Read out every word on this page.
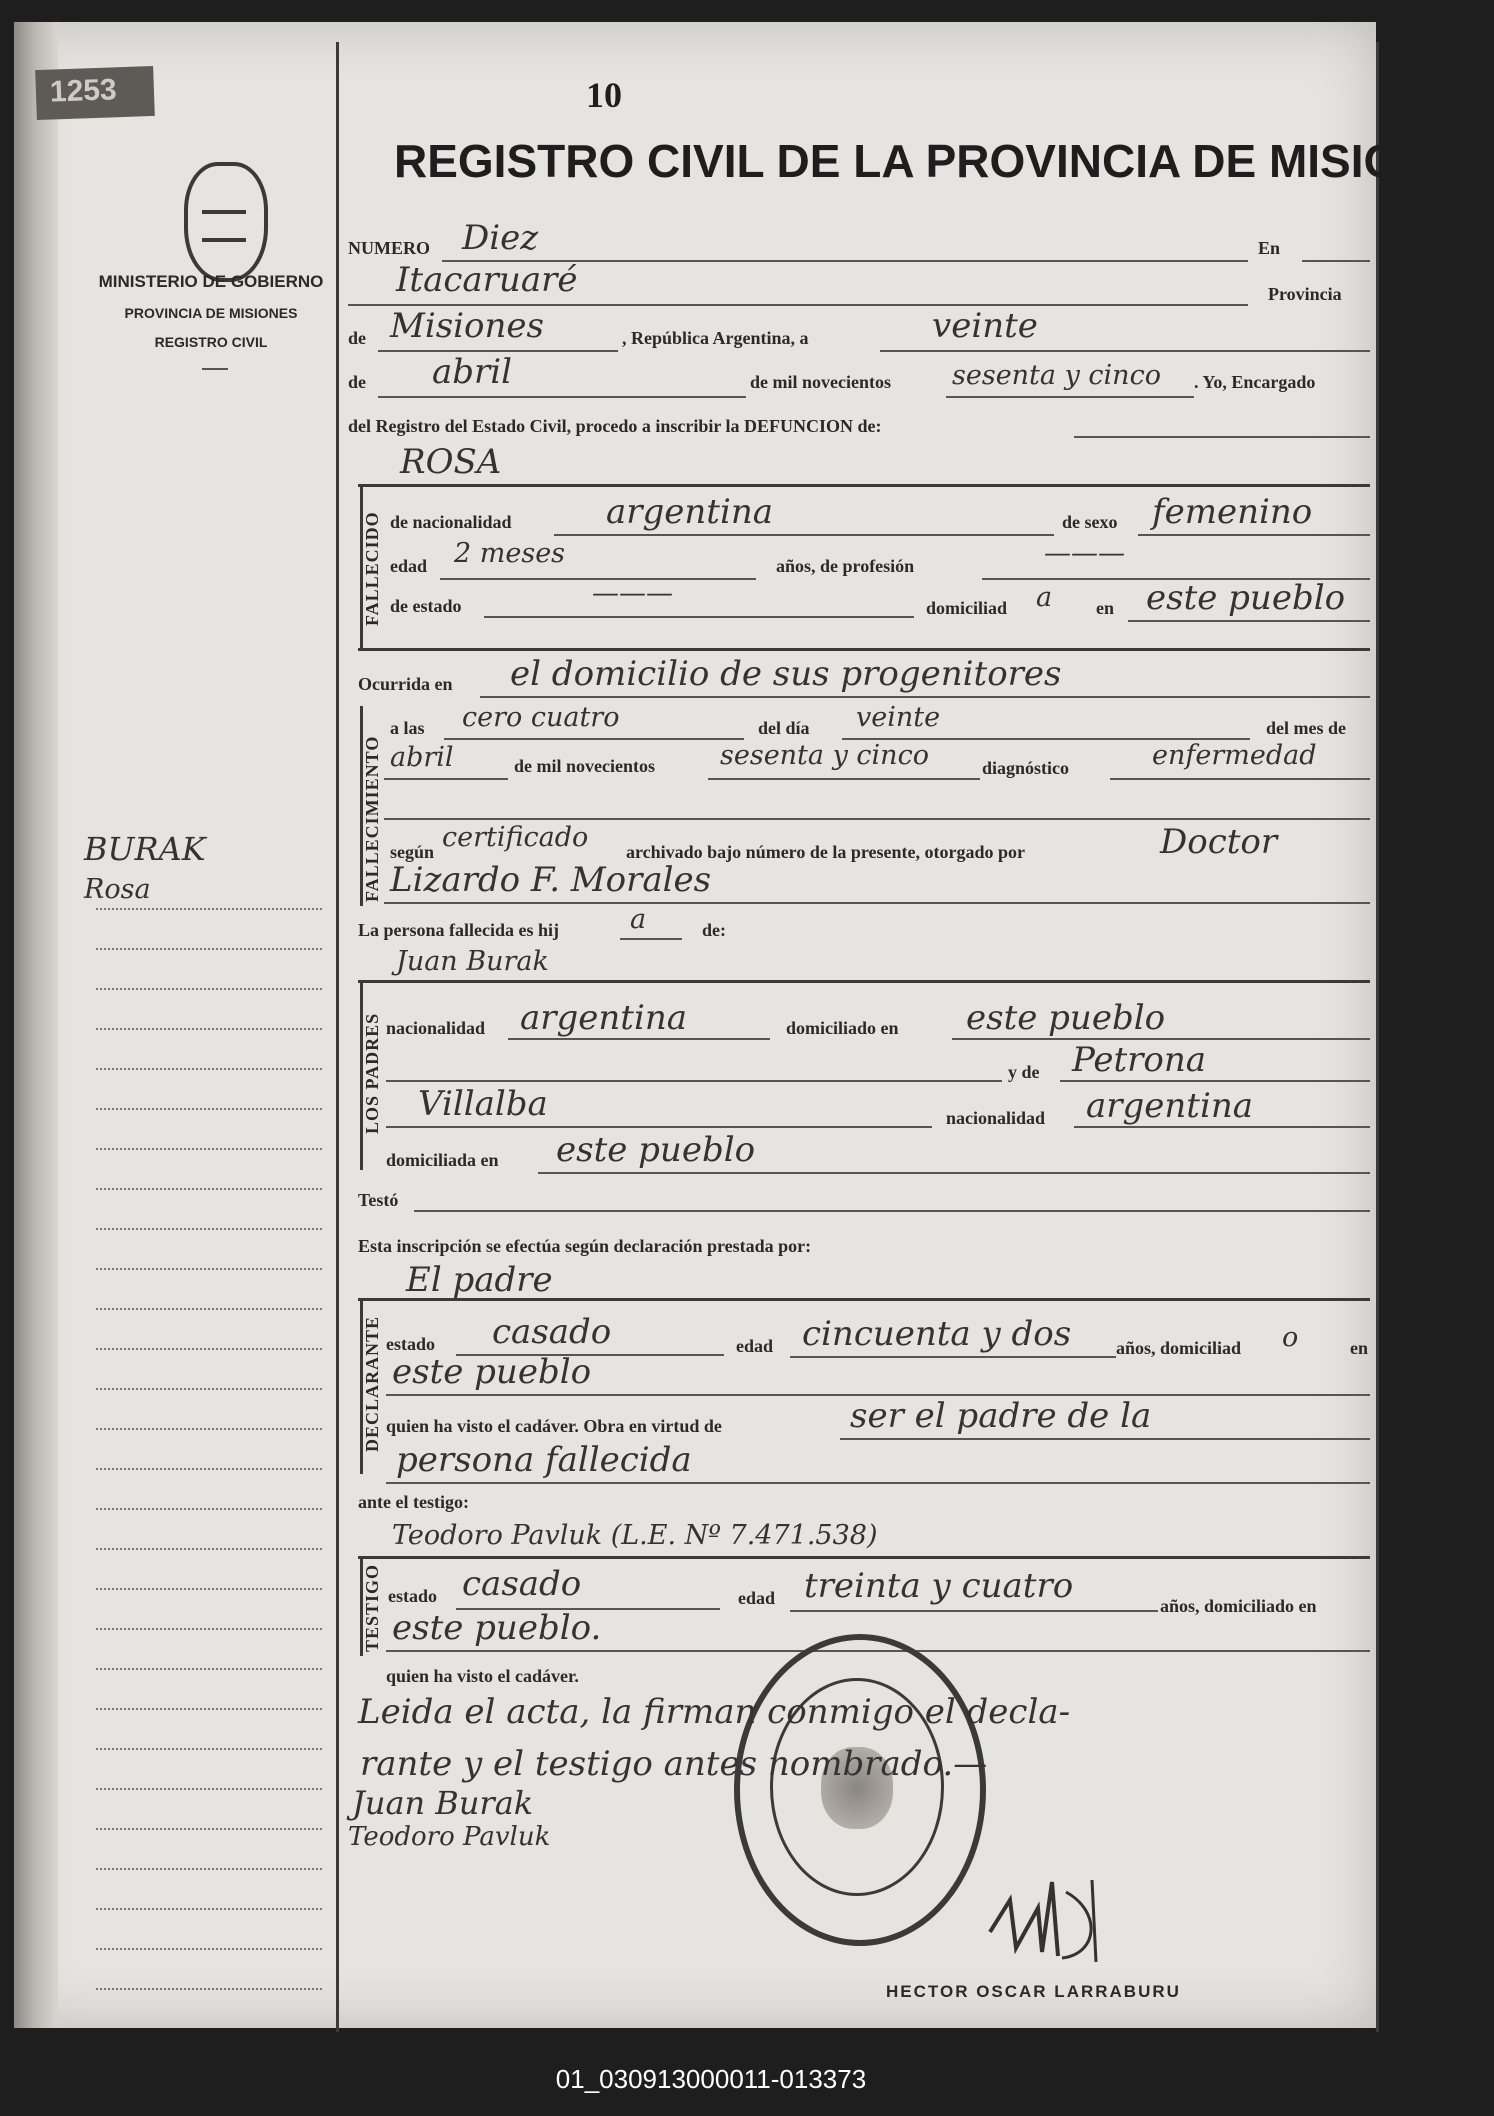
1253
MINISTERIO DE GOBIERNO
PROVINCIA DE MISIONES
REGISTRO CIVIL
BURAK
Rosa
10
REGISTRO CIVIL DE LA PROVINCIA DE MISIONES
NUMERO Diez	En
Itacaruaré	Provincia
de Misiones	, República Argentina, a	veinte
de abril	de mil novecientos sesenta y cinco . Yo, Encargado
del Registro del Estado Civil, procedo a inscribir la DEFUNCION de:
FALLECIDO
ROSA
de nacionalidad	argentina	de sexo femenino
edad 2 meses	años, de profesión	———
de estado	———	domiciliad a en este pueblo
Ocurrida en el domicilio de sus progenitores
FALLECIMIENTO
a las cero cuatro	del día veinte	del mes de
abril	de mil novecientos sesenta y cinco	diagnóstico	enfermedad
según certificado archivado bajo número de la presente, otorgado por	Doctor
Lizardo F. Morales
La persona fallecida es hij	a	de:
LOS PADRES
Juan Burak
nacionalidad argentina	domiciliado en este pueblo
y de Petrona
Villalba	nacionalidad argentina
domiciliada en este pueblo
Testó
Esta inscripción se efectúa según declaración prestada por:
El padre
DECLARANTE estado casado	edad cincuenta y dos años, domiciliad o	en
este pueblo
quien ha visto el cadáver. Obra en virtud de	ser el padre de la
persona fallecida
ante el testigo:
Teodoro Pavluk (L.E. Nº 7.471.538)
TESTIGO estado casado	edad treinta y cuatro	años, domiciliado en
este pueblo.
quien ha visto el cadáver.
Leida el acta, la firman conmigo el decla-
rante y el testigo antes nombrado.—
Juan Burak
Teodoro Pavluk
HECTOR OSCAR LARRABURU
01_030913000011-013373
